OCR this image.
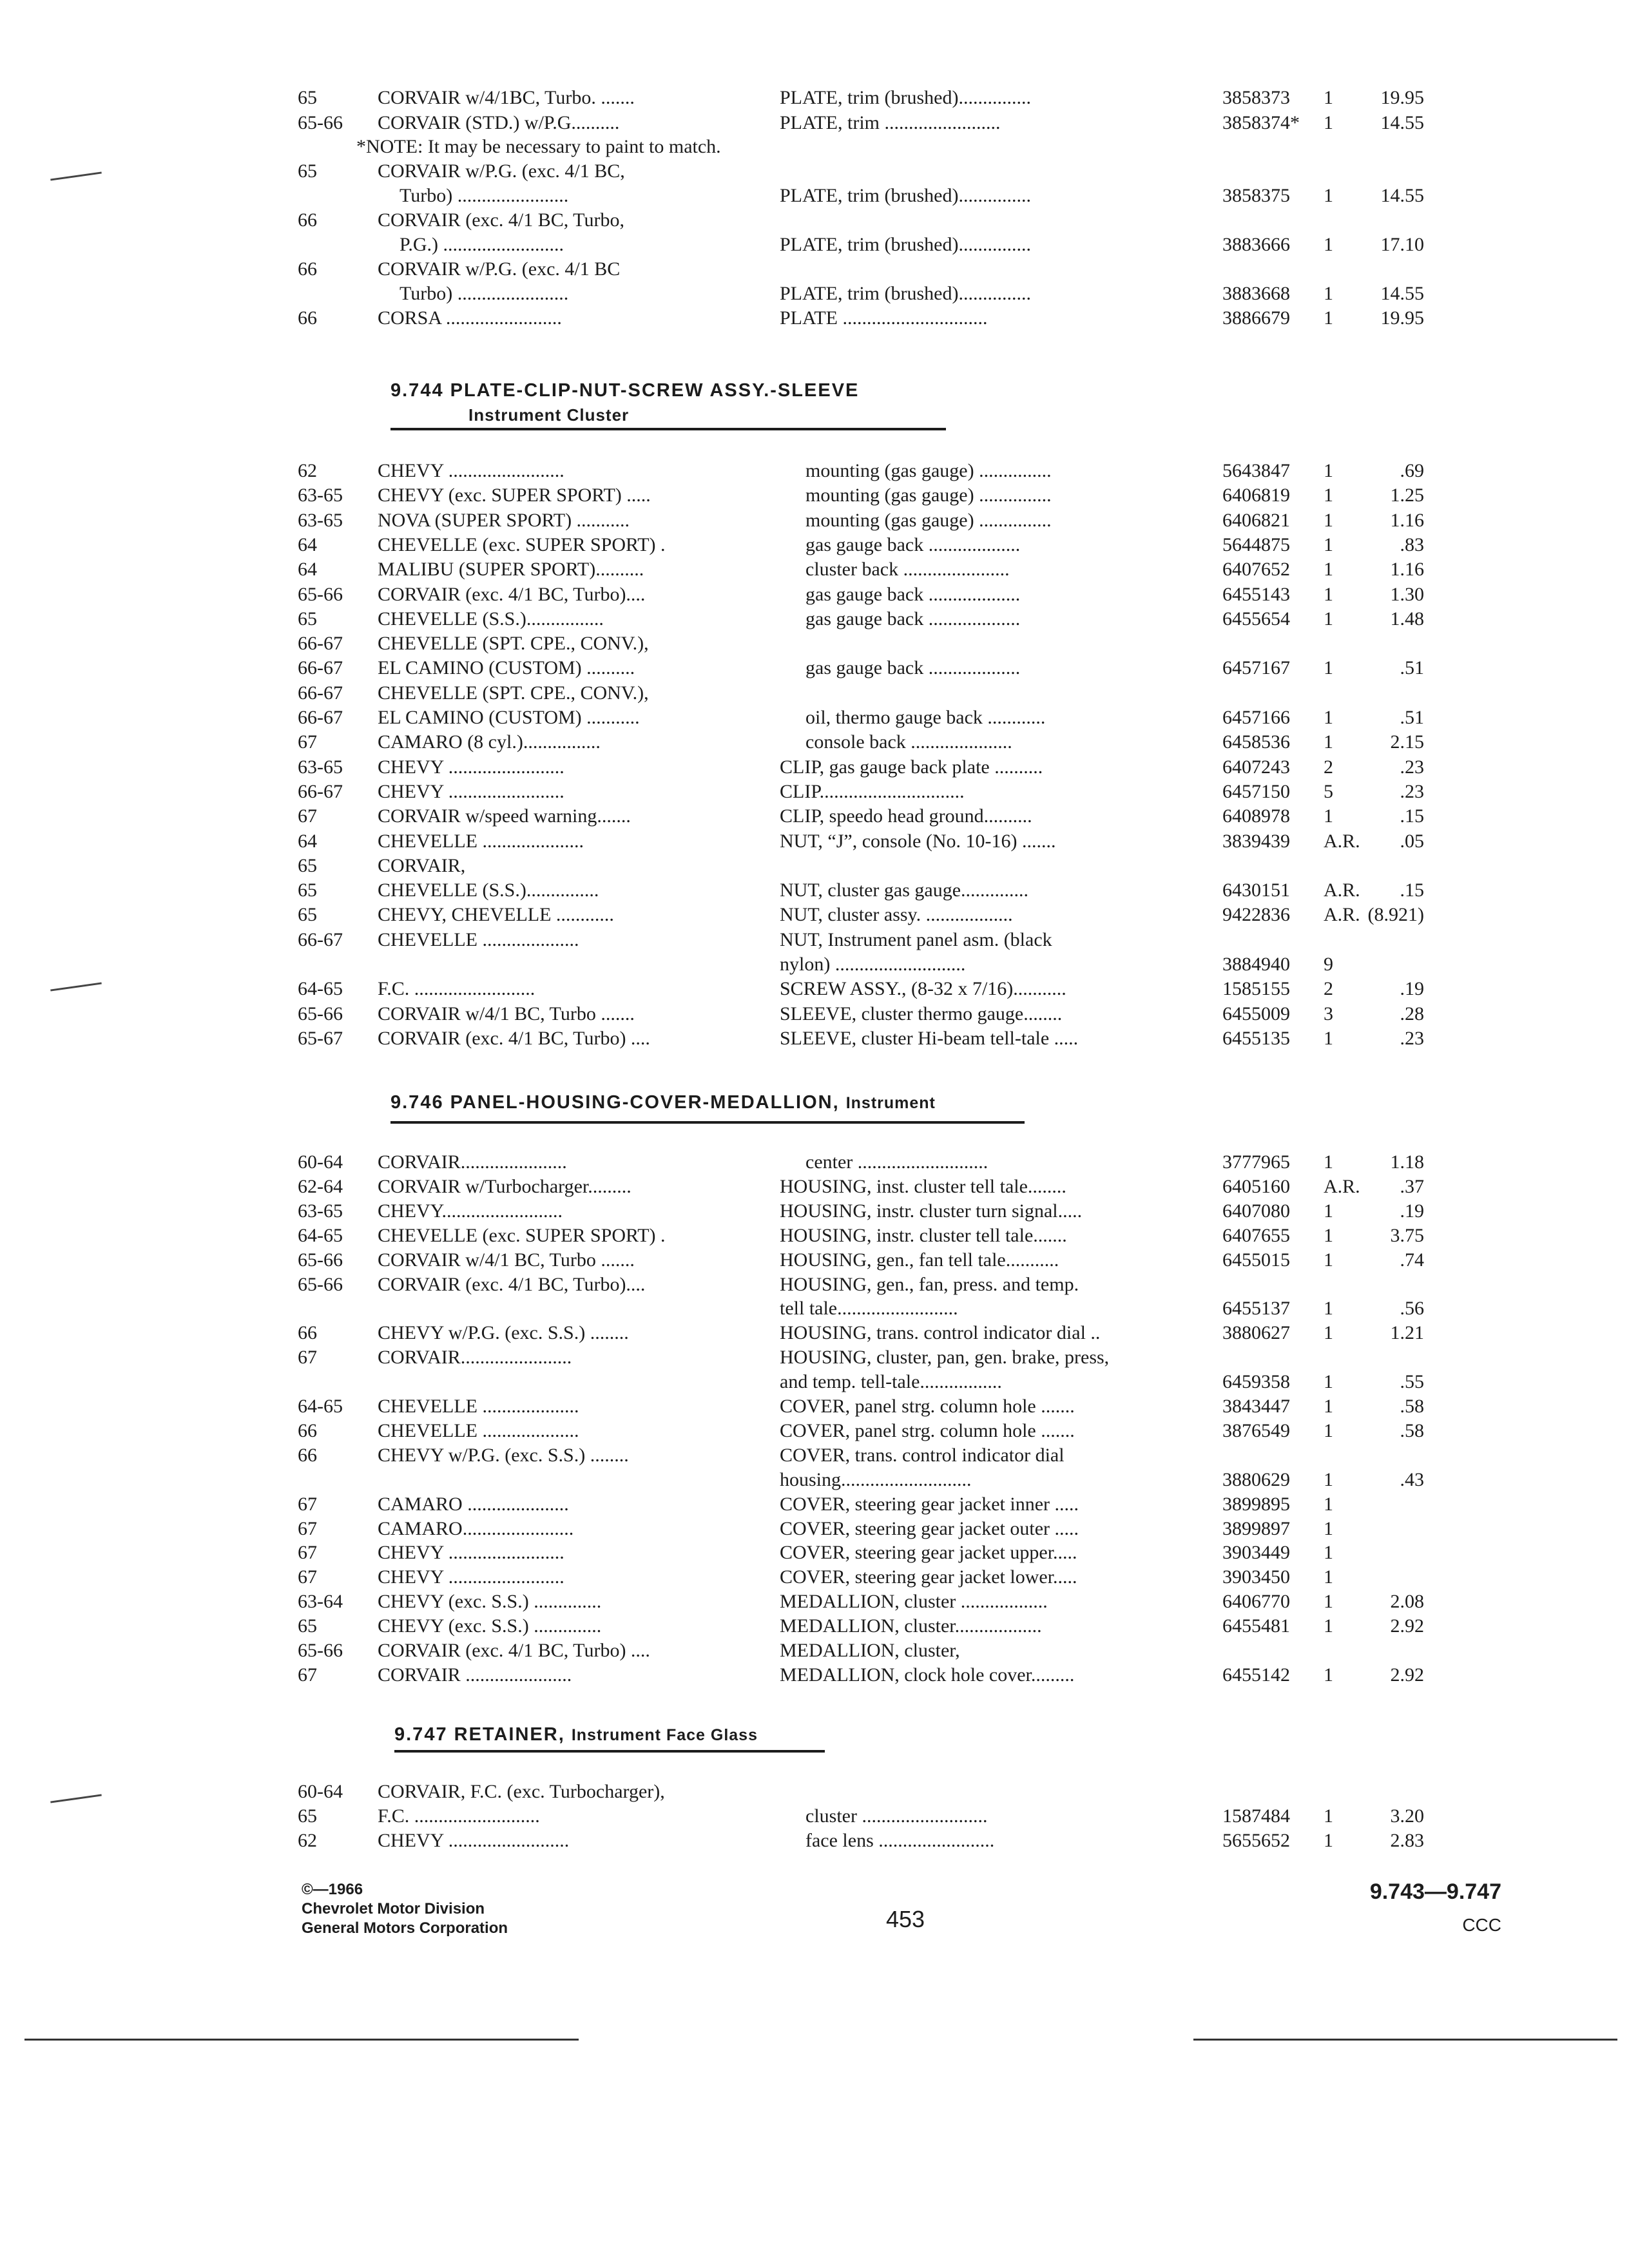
65	CORVAIR w/4/1BC, Turbo. .......	PLATE, trim (brushed)...............	3858373 1	19.95
65-66 CORVAIR (STD.) w/P.G..........	PLATE, trim ........................	3858374* 1	14.55
*NOTE: It may be necessary to paint to match.
65	CORVAIR w/P.G. (exc. 4/1 BC,
Turbo) .......................	PLATE, trim (brushed)...............	3858375 1	14.55
66	CORVAIR (exc. 4/1 BC, Turbo,
P.G.) .........................	PLATE, trim (brushed)...............	3883666 1	17.10
66	CORVAIR w/P.G. (exc. 4/1 BC
Turbo) .......................	PLATE, trim (brushed)...............	3883668 1	14.55
66	CORSA ........................	PLATE ..............................	3886679 1	19.95
9.744 PLATE-CLIP-NUT-SCREW ASSY.-SLEEVE
Instrument Cluster
62	CHEVY ........................	mounting (gas gauge) ...............	5643847 1	.69
63-65 CHEVY (exc. SUPER SPORT) .....	mounting (gas gauge) ...............	6406819 1	1.25
63-65 NOVA (SUPER SPORT) ...........	mounting (gas gauge) ...............	6406821 1	1.16
64	CHEVELLE (exc. SUPER SPORT) .	gas gauge back ...................	5644875 1	.83
64	MALIBU (SUPER SPORT)..........	cluster back ......................	6407652 1	1.16
65-66 CORVAIR (exc. 4/1 BC, Turbo)....	gas gauge back ...................	6455143 1	1.30
65	CHEVELLE (S.S.)................	gas gauge back ...................	6455654 1	1.48
66-67 CHEVELLE (SPT. CPE., CONV.),
66-67 EL CAMINO (CUSTOM) ..........	gas gauge back ...................	6457167 1	.51
66-67 CHEVELLE (SPT. CPE., CONV.),
66-67 EL CAMINO (CUSTOM) ...........	oil, thermo gauge back ............	6457166 1	.51
67	CAMARO (8 cyl.)................	console back .....................	6458536 1	2.15
63-65 CHEVY ........................	CLIP, gas gauge back plate ..........	6407243 2	.23
66-67 CHEVY ........................	CLIP..............................	6457150 5	.23
67	CORVAIR w/speed warning.......	CLIP, speedo head ground..........	6408978 1	.15
64	CHEVELLE .....................	NUT, “J”, console (No. 10-16) .......	3839439 A.R.	.05
65	CORVAIR,
65	CHEVELLE (S.S.)...............	NUT, cluster gas gauge..............	6430151 A.R.	.15
65	CHEVY, CHEVELLE ............	NUT, cluster assy. ..................	9422836 A.R. (8.921)
66-67 CHEVELLE ....................	NUT, Instrument panel asm. (black
nylon) ...........................	3884940 9
64-65 F.C. .........................	SCREW ASSY., (8-32 x 7/16)...........	1585155 2	.19
65-66 CORVAIR w/4/1 BC, Turbo .......	SLEEVE, cluster thermo gauge........	6455009 3	.28
65-67 CORVAIR (exc. 4/1 BC, Turbo) ....	SLEEVE, cluster Hi-beam tell-tale .....	6455135 1	.23
9.746 PANEL-HOUSING-COVER-MEDALLION, Instrument
60-64 CORVAIR......................	center ...........................	3777965 1	1.18
62-64 CORVAIR w/Turbocharger.........	HOUSING, inst. cluster tell tale........	6405160 A.R.	.37
63-65 CHEVY.........................	HOUSING, instr. cluster turn signal.....	6407080 1	.19
64-65 CHEVELLE (exc. SUPER SPORT) .	HOUSING, instr. cluster tell tale.......	6407655 1	3.75
65-66 CORVAIR w/4/1 BC, Turbo .......	HOUSING, gen., fan tell tale...........	6455015 1	.74
65-66 CORVAIR (exc. 4/1 BC, Turbo)....	HOUSING, gen., fan, press. and temp.
tell tale.........................	6455137 1	.56
66	CHEVY w/P.G. (exc. S.S.) ........	HOUSING, trans. control indicator dial ..	3880627 1	1.21
67	CORVAIR.......................	HOUSING, cluster, pan, gen. brake, press,
and temp. tell-tale.................	6459358 1	.55
64-65 CHEVELLE ....................	COVER, panel strg. column hole .......	3843447 1	.58
66	CHEVELLE ....................	COVER, panel strg. column hole .......	3876549 1	.58
66	CHEVY w/P.G. (exc. S.S.) ........	COVER, trans. control indicator dial
housing...........................	3880629 1	.43
67	CAMARO .....................	COVER, steering gear jacket inner .....	3899895 1
67	CAMARO.......................	COVER, steering gear jacket outer .....	3899897 1
67	CHEVY ........................	COVER, steering gear jacket upper.....	3903449 1
67	CHEVY ........................	COVER, steering gear jacket lower.....	3903450 1
63-64 CHEVY (exc. S.S.) ..............	MEDALLION, cluster ..................	6406770 1	2.08
65	CHEVY (exc. S.S.) ..............	MEDALLION, cluster..................	6455481 1	2.92
65-66 CORVAIR (exc. 4/1 BC, Turbo) ....	MEDALLION, cluster,
67	CORVAIR ......................	MEDALLION, clock hole cover.........	6455142 1	2.92
9.747 RETAINER, Instrument Face Glass
60-64 CORVAIR, F.C. (exc. Turbocharger),
65	F.C. ..........................	cluster ..........................	1587484 1	3.20
62	CHEVY .........................	face lens ........................	5655652 1	2.83
©—1966
Chevrolet Motor Division
General Motors Corporation	453
9.743—9.747
CCC
